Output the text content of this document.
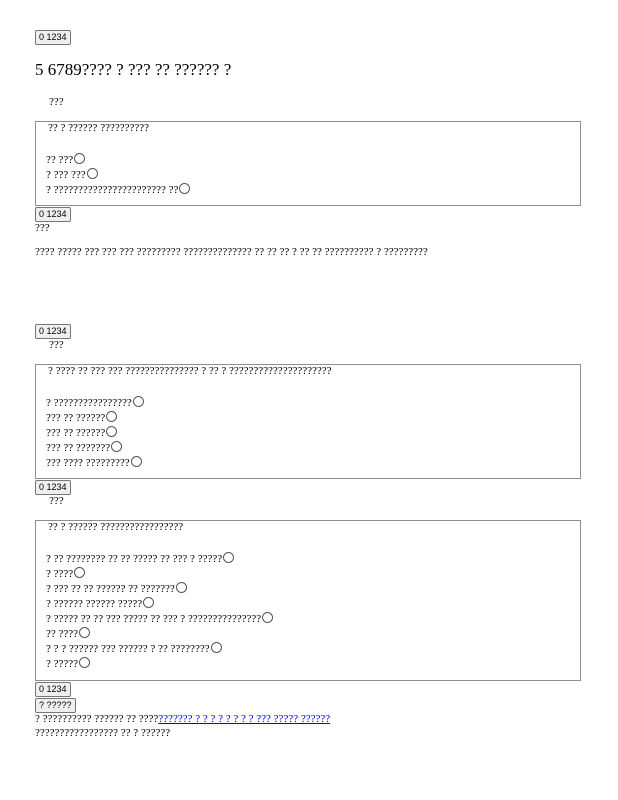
0 1234
5 6789???? ? ??? ?? ?????? ?
???
?? ? ?????? ??????????
?? ???
? ??? ???
? ??????????????????????? ??
0 1234
???
???? ????? ??? ??? ??? ????????? ?????????????? ?? ?? ?? ? ?? ?? ?????????? ? ?????????
0 1234
???
? ???? ?? ??? ??? ??????????????? ? ?? ? ?????????????????????
? ????????????????
??? ?? ??????
??? ?? ??????
??? ?? ???????
??? ???? ?????????
0 1234
???
?? ? ?????? ?????????????????
? ?? ???????? ?? ?? ????? ?? ??? ? ?????
? ????
? ??? ?? ?? ?????? ?? ???????
? ?????? ?????? ?????
? ????? ?? ?? ??? ????? ?? ??? ? ???????????????
?? ????
? ? ? ?????? ??? ?????? ? ?? ????????
? ?????
0 1234
? ?????
? ?????????? ?????? ?? ??????????? ? ? ? ? ? ? ? ? ??? ????? ??????
????????????????? ?? ? ??????
